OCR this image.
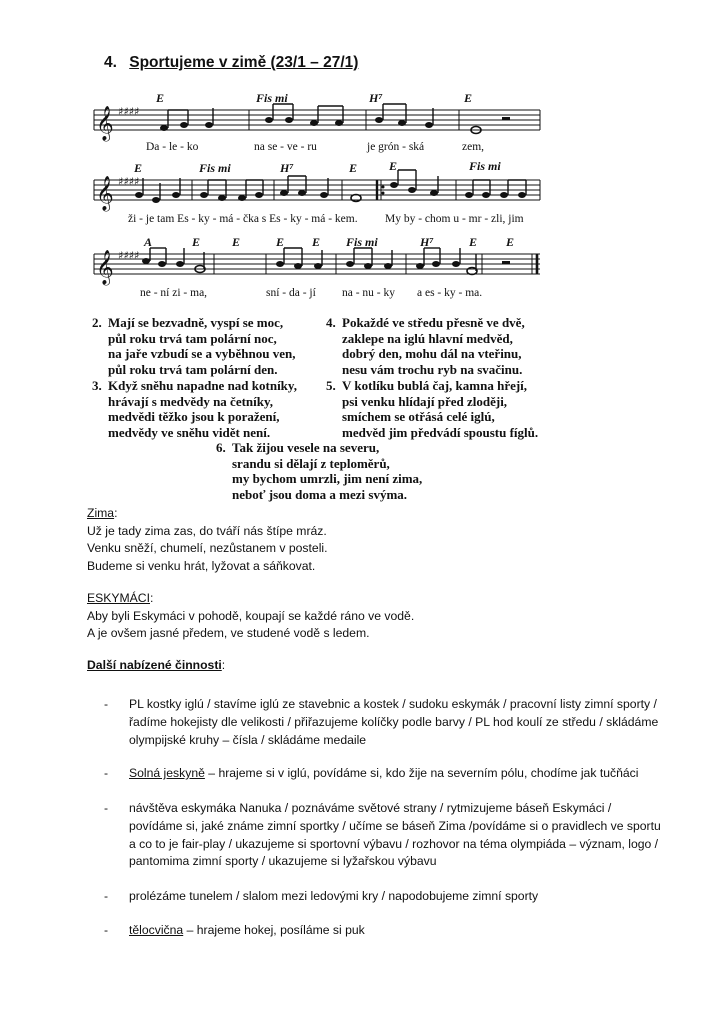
4. Sportujeme v zimě (23/1 – 27/1)
𝄞 ♯♯♯♯
E	Fis mi	H⁷	E
Da - le - ko	na se - ve - ru	je grón - ská	zem,
𝄞 ♯♯♯♯
E	Fis mi	H⁷	E	E	Fis mi
ži - je tam Es - ky - má - čka s Es - ky - má - kem. My by - chom u - mr - zli, jim
𝄞 ♯♯♯♯
A	E	E	E E Fis mi	H⁷	E E
ne - ní zi - ma,	sní - da - jí na - nu - ky a es - ky - ma.
2. Mají se bezvadně, vyspí se moc,
půl roku trvá tam polární noc,
na jaře vzbudí se a vyběhnou ven,
půl roku trvá tam polární den.
3. Když sněhu napadne nad kotníky,
hrávají s medvědy na četníky,
medvědi těžko jsou k poražení,
medvědy ve sněhu vidět není.
4. Pokaždé ve středu přesně ve dvě,
zaklepe na iglú hlavní medvěd,
dobrý den, mohu dál na vteřinu,
nesu vám trochu ryb na svačinu.
5. V kotlíku bublá čaj, kamna hřejí,
psi venku hlídají před zloději,
smíchem se otřásá celé iglú,
medvěd jim předvádí spoustu fíglů.
6. Tak žijou vesele na severu,
srandu si dělají z teploměrů,
my bychom umrzli, jim není zima,
neboť jsou doma a mezi svýma.
Zima:
Už je tady zima zas, do tváří nás štípe mráz.
Venku sněží, chumelí, nezůstanem v posteli.
Budeme si venku hrát, lyžovat a sáňkovat.
ESKYMÁCI:
Aby byli Eskymáci v pohodě, koupají se každé ráno ve vodě.
A je ovšem jasné předem, ve studené vodě s ledem.
Další nabízené činnosti:
- PL kostky iglú / stavíme iglú ze stavebnic a kostek / sudoku eskymák / pracovní listy zimní sporty / řadíme hokejisty dle velikosti / přiřazujeme kolíčky podle barvy / PL hod koulí ze středu / skládáme olympijské kruhy – čísla / skládáme medaile
- Solná jeskyně – hrajeme si v iglú, povídáme si, kdo žije na severním pólu, chodíme jak tučňáci
- návštěva eskymáka Nanuka / poznáváme světové strany / rytmizujeme báseň Eskymáci / povídáme si, jaké známe zimní sportky / učíme se báseň Zima /povídáme si o pravidlech ve sportu a co to je fair-play / ukazujeme si sportovní výbavu / rozhovor na téma olympiáda – význam, logo / pantomima zimní sporty / ukazujeme si lyžařskou výbavu
- prolézáme tunelem / slalom mezi ledovými kry / napodobujeme zimní sporty
- tělocvična – hrajeme hokej, posíláme si puk
